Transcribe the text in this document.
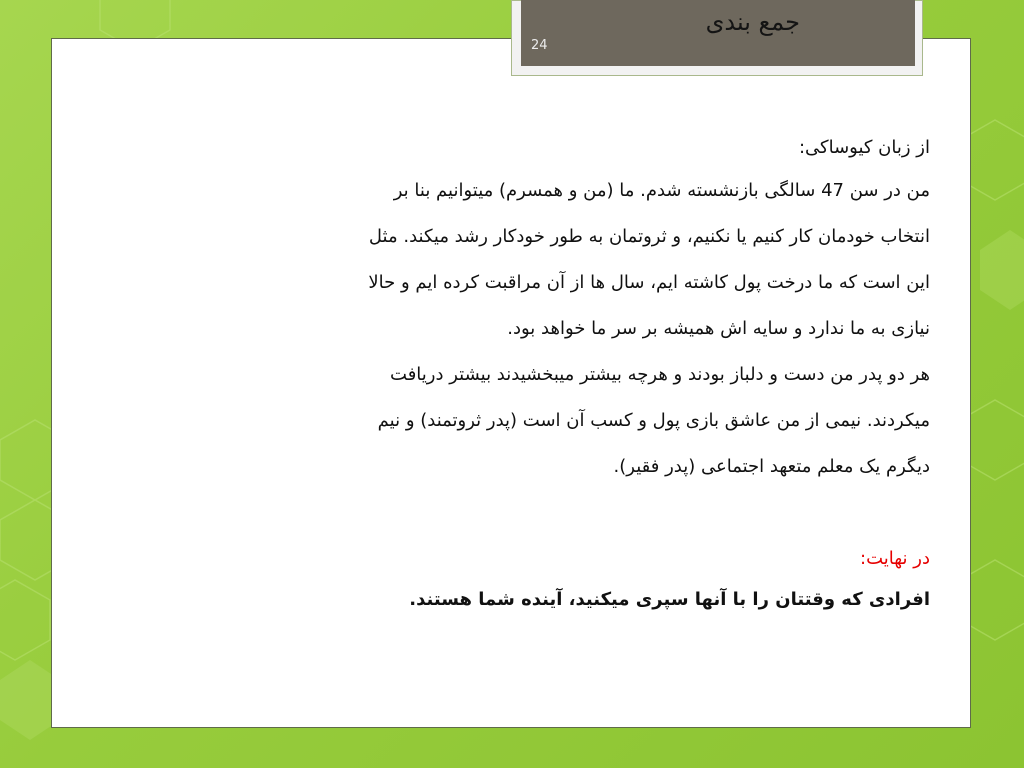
جمع بندی
24

از زبان کیوساکی:

من در سن 47 سالگی بازنشسته شدم. ما (من و همسرم) میتوانیم بنا بر

انتخاب خودمان کار کنیم یا نکنیم، و ثروتمان به طور خودکار رشد میکند. مثل

این است که ما درخت پول کاشته ایم، سال ها از آن مراقبت کرده ایم و حالا

نیازی به ما ندارد و سایه اش همیشه بر سر ما خواهد بود.

هر دو پدر من دست و دلباز بودند و هرچه بیشتر میبخشیدند بیشتر دریافت

میکردند. نیمی از من عاشق بازی پول و کسب آن است (پدر ثروتمند) و نیم

دیگرم یک معلم متعهد اجتماعی (پدر فقیر).

در نهایت:

افرادی که وقتتان را با آنها سپری میکنید، آینده شما هستند.
